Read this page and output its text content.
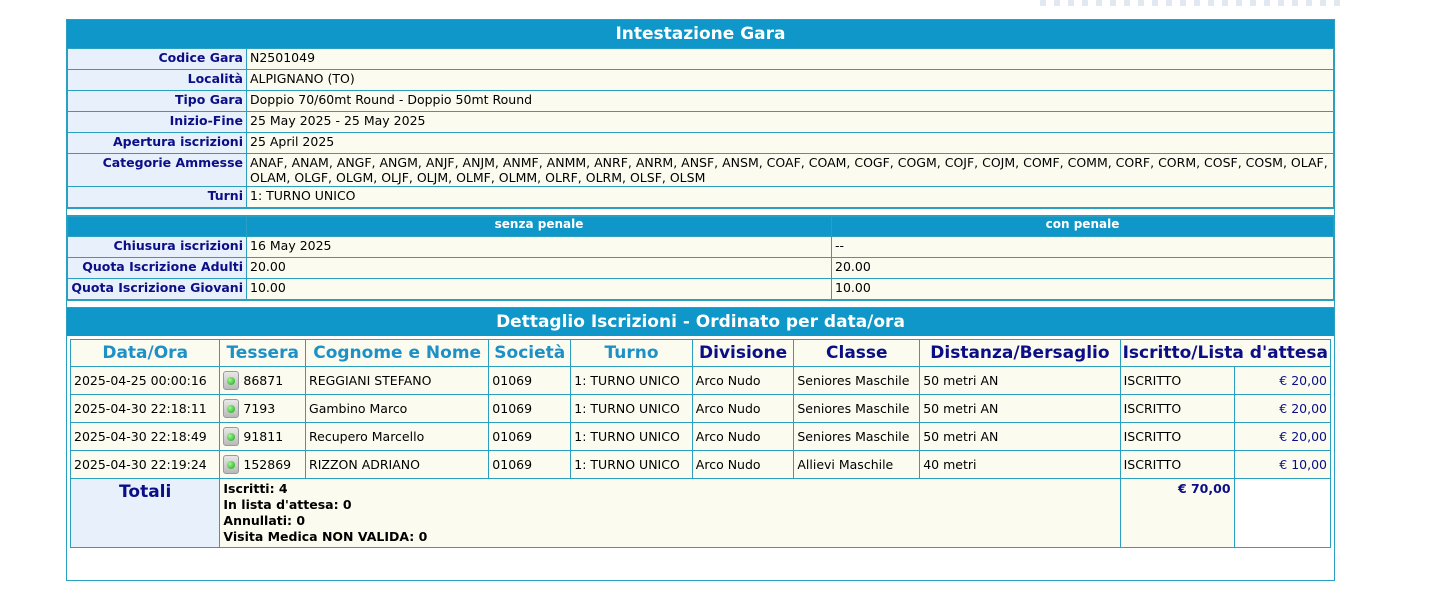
Intestazione Gara
Codice Gara	N2501049
Località	ALPIGNANO (TO)
Tipo Gara	Doppio 70/60mt Round - Doppio 50mt Round
Inizio-Fine	25 May 2025 - 25 May 2025
Apertura iscrizioni	25 April 2025
Categorie Ammesse	ANAF, ANAM, ANGF, ANGM, ANJF, ANJM, ANMF, ANMM, ANRF, ANRM, ANSF, ANSM, COAF, COAM, COGF, COGM, COJF, COJM, COMF, COMM, CORF, CORM, COSF, COSM, OLAF, OLAM, OLGF, OLGM, OLJF, OLJM, OLMF, OLMM, OLRF, OLRM, OLSF, OLSM
Turni	1: TURNO UNICO
	senza penale	con penale
Chiusura iscrizioni	16 May 2025	--
Quota Iscrizione Adulti	20.00	20.00
Quota Iscrizione Giovani	10.00	10.00
Dettaglio Iscrizioni - Ordinato per data/ora
Data/Ora	Tessera	Cognome e Nome	Società	Turno	Divisione	Classe	Distanza/Bersaglio	Iscritto/Lista d'attesa	
2025-04-25 00:00:16	86871	REGGIANI STEFANO	01069	1: TURNO UNICO	Arco Nudo	Seniores Maschile	50 metri AN	ISCRITTO	€ 20,00
2025-04-30 22:18:11	7193	Gambino Marco	01069	1: TURNO UNICO	Arco Nudo	Seniores Maschile	50 metri AN	ISCRITTO	€ 20,00
2025-04-30 22:18:49	91811	Recupero Marcello	01069	1: TURNO UNICO	Arco Nudo	Seniores Maschile	50 metri AN	ISCRITTO	€ 20,00
2025-04-30 22:19:24	152869	RIZZON ADRIANO	01069	1: TURNO UNICO	Arco Nudo	Allievi Maschile	40 metri	ISCRITTO	€ 10,00
Totali	Iscritti: 4
In lista d'attesa: 0
Annullati: 0
Visita Medica NON VALIDA: 0							€ 70,00	
